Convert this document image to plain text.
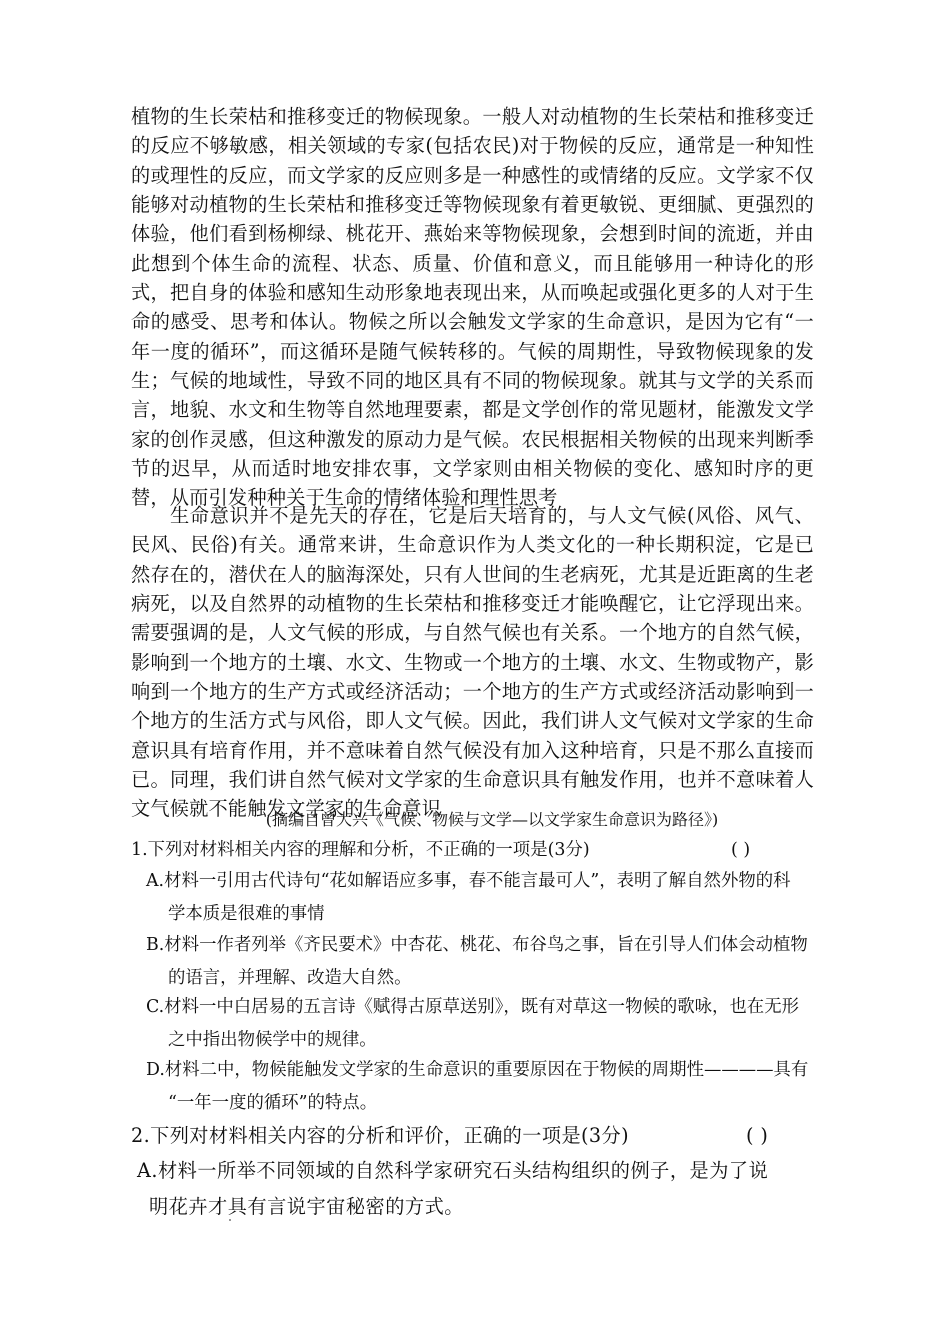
植物的生长荣枯和推移变迁的物候现象。一般人对动植物的生长荣枯和推移变迁的反应不够敏感，相关领域的专家(包括农民)对于物候的反应，通常是一种知性的或理性的反应，而文学家的反应则多是一种感性的或情绪的反应。文学家不仅能够对动植物的生长荣枯和推移变迁等物候现象有着更敏锐、更细腻、更强烈的体验，他们看到杨柳绿、桃花开、燕始来等物候现象，会想到时间的流逝，并由此想到个体生命的流程、状态、质量、价值和意义，而且能够用一种诗化的形式，把自身的体验和感知生动形象地表现出来，从而唤起或强化更多的人对于生命的感受、思考和体认。物候之所以会触发文学家的生命意识，是因为它有“一年一度的循环”，而这循环是随气候转移的。气候的周期性，导致物候现象的发生；气候的地域性，导致不同的地区具有不同的物候现象。就其与文学的关系而言，地貌、水文和生物等自然地理要素，都是文学创作的常见题材，能激发文学家的创作灵感，但这种激发的原动力是气候。农民根据相关物候的出现来判断季节的迟早，从而适时地安排农事，文学家则由相关物候的变化、感知时序的更替，从而引发种种关于生命的情绪体验和理性思考
生命意识并不是先天的存在，它是后天培育的，与人文气候(风俗、风气、民风、民俗)有关。通常来讲，生命意识作为人类文化的一种长期积淀，它是已然存在的，潜伏在人的脑海深处，只有人世间的生老病死，尤其是近距离的生老病死，以及自然界的动植物的生长荣枯和推移变迁才能唤醒它，让它浮现出来。需要强调的是，人文气候的形成，与自然气候也有关系。一个地方的自然气候，影响到一个地方的土壤、水文、生物或一个地方的土壤、水文、生物或物产，影响到一个地方的生产方式或经济活动；一个地方的生产方式或经济活动影响到一个地方的生活方式与风俗，即人文气候。因此，我们讲人文气候对文学家的生命意识具有培育作用，并不意味着自然气候没有加入这种培育，只是不那么直接而已。同理，我们讲自然气候对文学家的生命意识具有触发作用，也并不意味着人文气候就不能触发文学家的生命意识
(摘编自曾大兴《气候、物候与文学—以文学家生命意识为路径》)
1.下列对材料相关内容的理解和分析，不正确的一项是(3分)	( )
A.材料一引用古代诗句“花如解语应多事，春不能言最可人”，表明了解自然外物的科
学本质是很难的事情
B.材料一作者列举《齐民要术》中杏花、桃花、布谷鸟之事，旨在引导人们体会动植物
的语言，并理解、改造大自然。
C.材料一中白居易的五言诗《赋得古原草送别》，既有对草这一物候的歌咏，也在无形
之中指出物候学中的规律。
D.材料二中，物候能触发文学家的生命意识的重要原因在于物候的周期性————具有
“一年一度的循环”的特点。
2.下列对材料相关内容的分析和评价，正确的一项是(3分)	( )
A.材料一所举不同领域的自然科学家研究石头结构组织的例子，是为了说
明花卉才具有言说宇宙秘密的方式。
